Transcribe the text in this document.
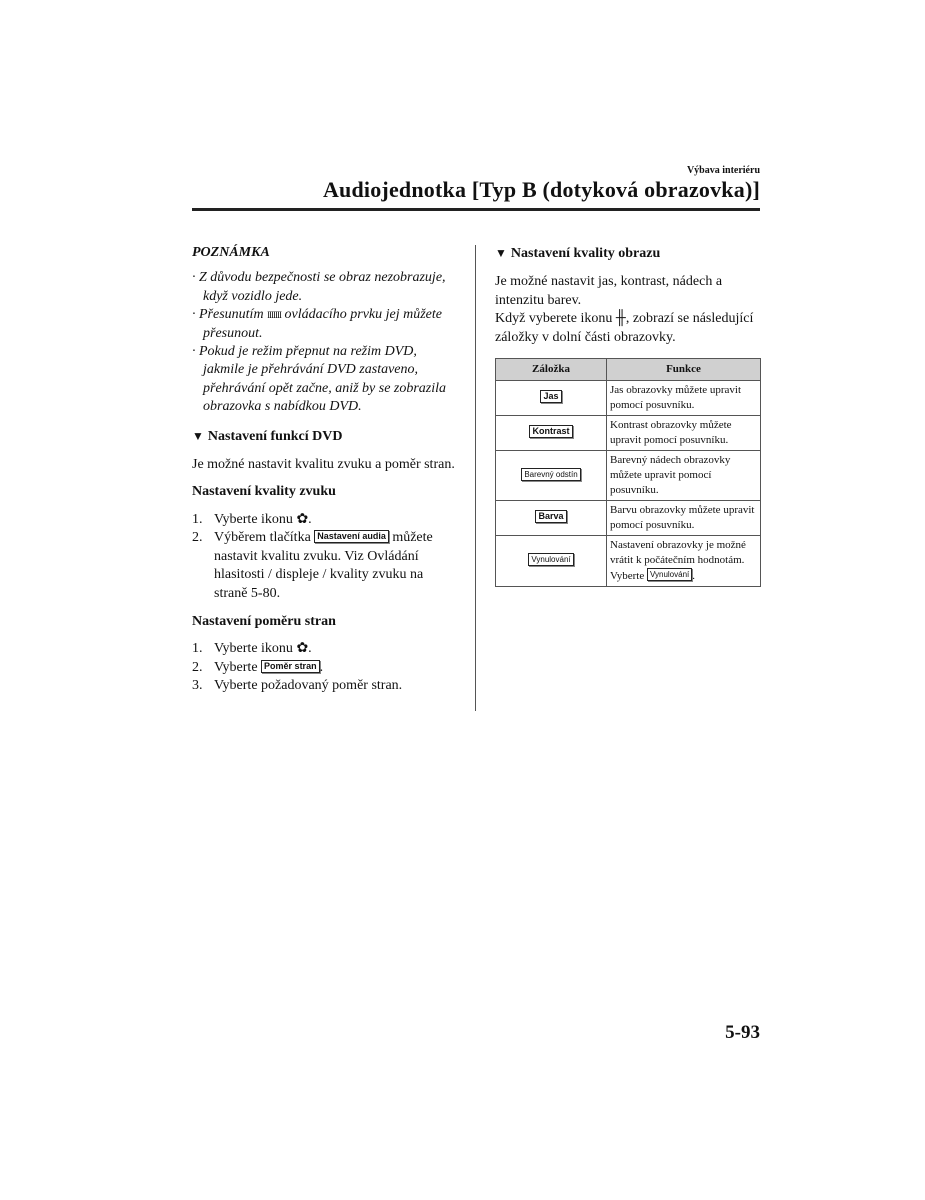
Výbava interiéru
Audiojednotka [Typ B (dotyková obrazovka)]
POZNÁMKA
· Z důvodu bezpečnosti se obraz nezobrazuje, když vozidlo jede.
· Přesunutím IIIIIII ovládacího prvku jej můžete přesunout.
· Pokud je režim přepnut na režim DVD, jakmile je přehrávání DVD zastaveno, přehrávání opět začne, aniž by se zobrazila obrazovka s nabídkou DVD.
▼ Nastavení funkcí DVD
Je možné nastavit kvalitu zvuku a poměr stran.
Nastavení kvality zvuku
1. Vyberte ikonu ✿.
2. Výběrem tlačítka Nastavení audia můžete nastavit kvalitu zvuku. Viz Ovládání hlasitosti / displeje / kvality zvuku na straně 5-80.
Nastavení poměru stran
1. Vyberte ikonu ✿.
2. Vyberte Poměr stran .
3. Vyberte požadovaný poměr stran.
▼ Nastavení kvality obrazu
Je možné nastavit jas, kontrast, nádech a intenzitu barev.
Když vyberete ikonu ╫, zobrazí se následující záložky v dolní části obrazovky.
Záložka	Funkce
Jas	Jas obrazovky můžete upravit pomocí posuvníku.
Kontrast	Kontrast obrazovky můžete upravit pomocí posuvníku.
Barevný odstín	Barevný nádech obrazovky můžete upravit pomocí posuvníku.
Barva	Barvu obrazovky můžete upravit pomocí posuvníku.
Vynulování	Nastavení obrazovky je možné vrátit k počátečním hodnotám. Vyberte Vynulování .
5-93
